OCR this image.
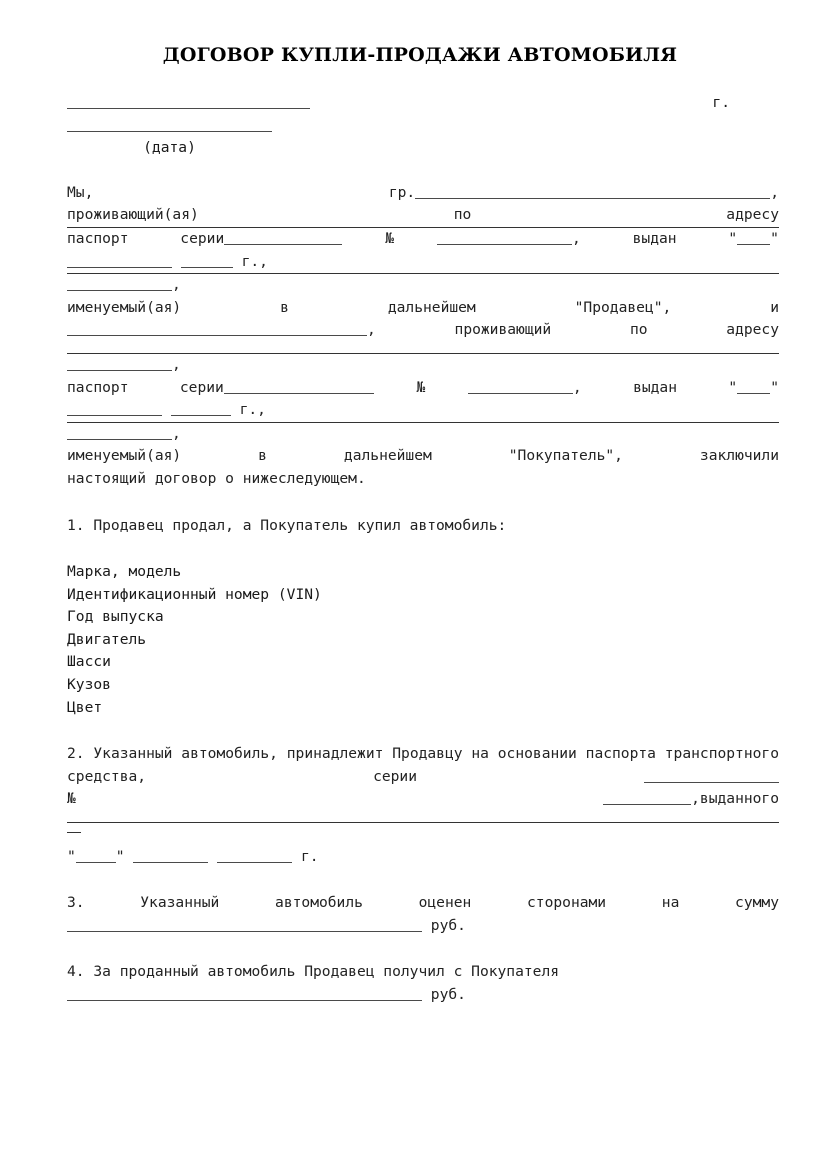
ДОГОВОР КУПЛИ-ПРОДАЖИ АВТОМОБИЛЯ
г.
(дата)
Мы,	гр.	,
проживающий(ая) по адресу
паспорт серии	№	,	выдан	" "
г.,
,
именуемый(ая) в дальнейшем "Продавец", и
, проживающий по адресу
,
паспорт серии	№	,	выдан	" "
г.,
,
именуемый(ая) в дальнейшем "Покупатель", заключили
настоящий договор о нижеследующем.
1. Продавец продал, а Покупатель купил автомобиль:
Марка, модель
Идентификационный номер (VIN)
Год выпуска
Двигатель
Шасси
Кузов
Цвет
2. Указанный автомобиль, принадлежит Продавцу на основании паспорта транспортного средства, серии
№	, выданного

"	"	г.
3. Указанный автомобиль оценен сторонами на сумму
руб.
4. За проданный автомобиль Продавец получил с Покупателя
руб.
